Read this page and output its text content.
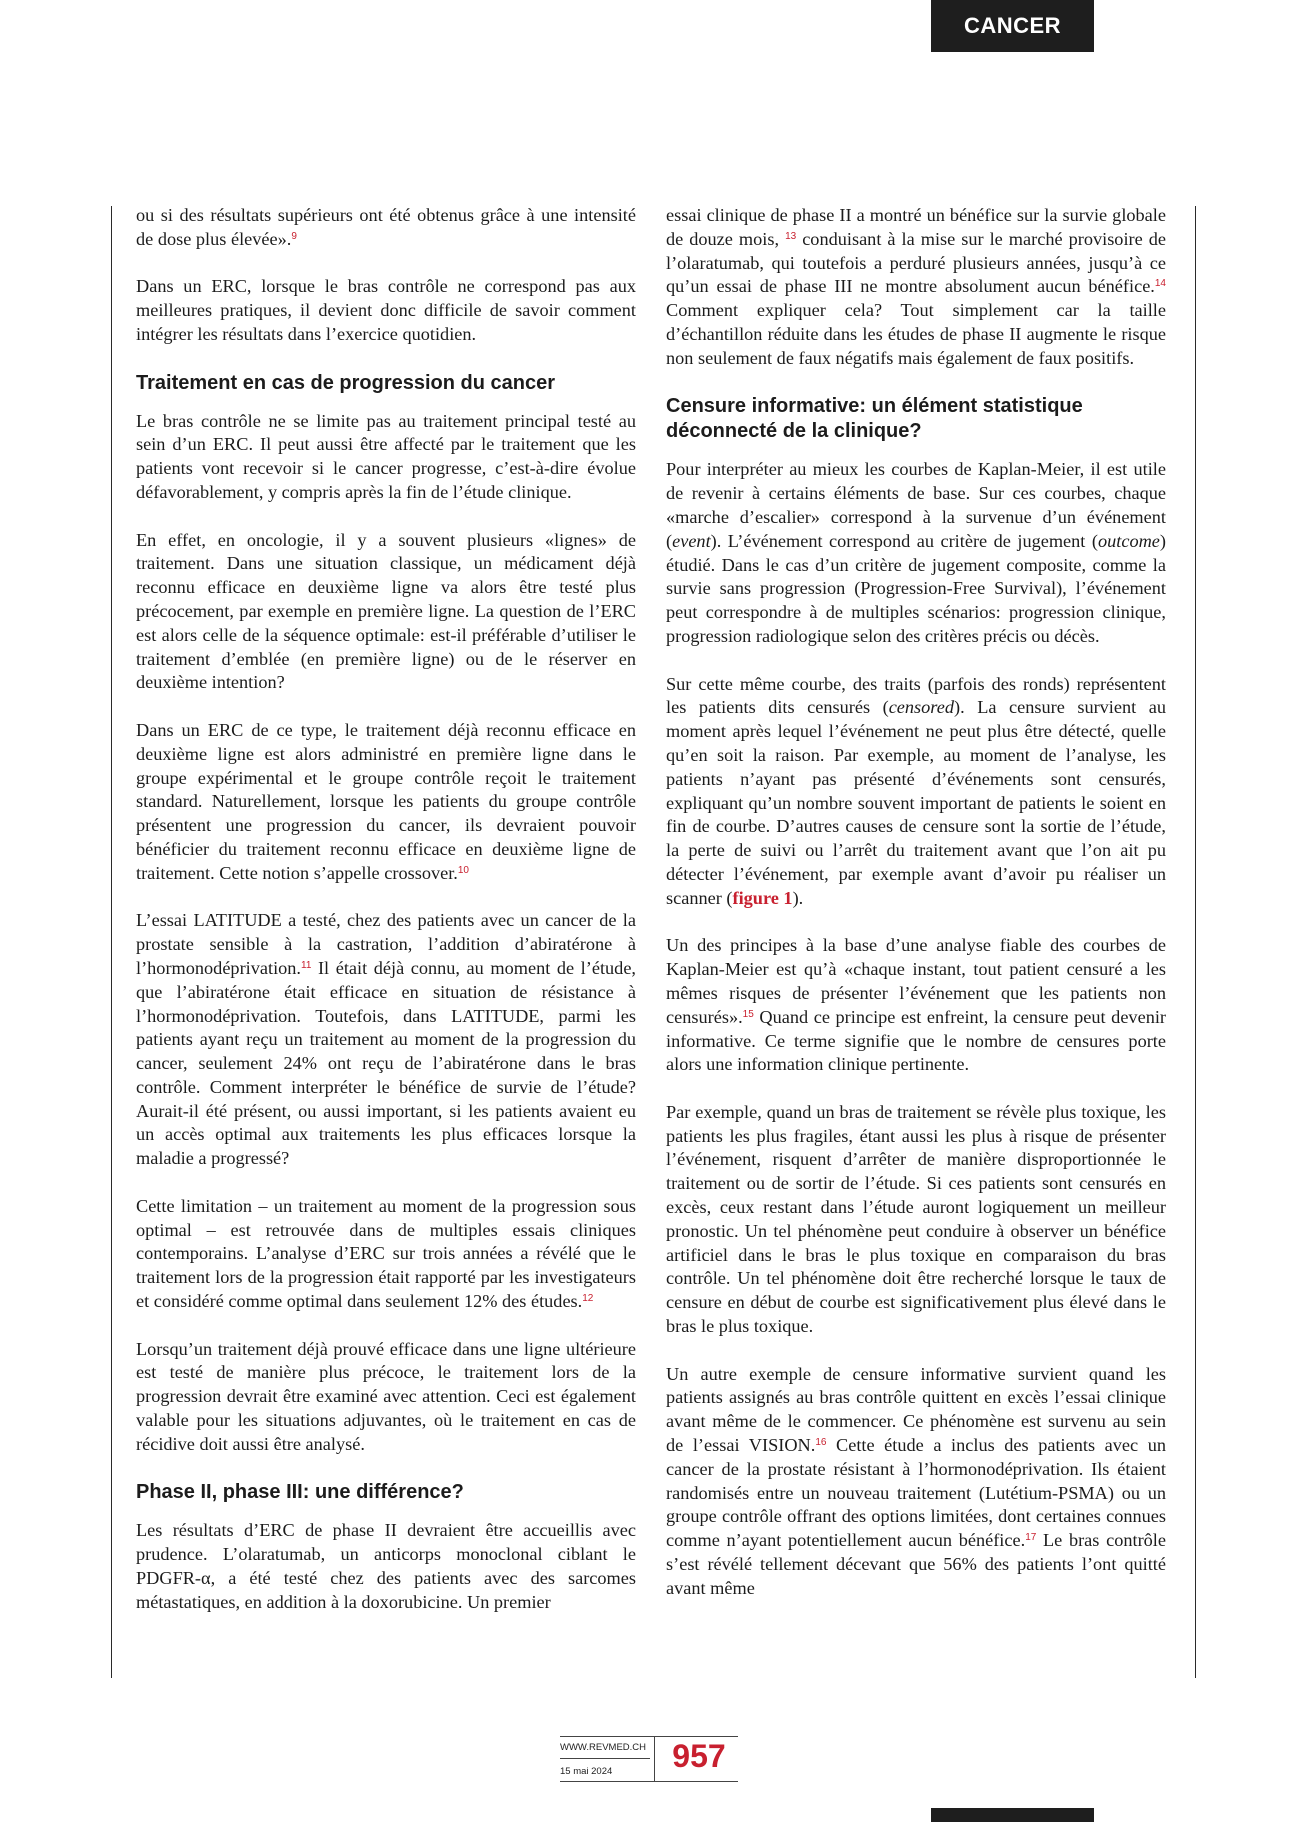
CANCER

ou si des résultats supérieurs ont été obtenus grâce à une intensité de dose plus élevée».$^9$

Dans un ERC, lorsque le bras contrôle ne correspond pas aux meilleures pratiques, il devient donc difficile de savoir comment intégrer les résultats dans l’exercice quotidien.

Traitement en cas de progression du cancer

Le bras contrôle ne se limite pas au traitement principal testé au sein d’un ERC. Il peut aussi être affecté par le traitement que les patients vont recevoir si le cancer progresse, c’est-à-dire évolue défavorablement, y compris après la fin de l’étude clinique.

En effet, en oncologie, il y a souvent plusieurs «lignes» de traitement. Dans une situation classique, un médicament déjà reconnu efficace en deuxième ligne va alors être testé plus précocement, par exemple en première ligne. La question de l’ERC est alors celle de la séquence optimale: est-il préférable d’utiliser le traitement d’emblée (en première ligne) ou de le réserver en deuxième intention?

Dans un ERC de ce type, le traitement déjà reconnu efficace en deuxième ligne est alors administré en première ligne dans le groupe expérimental et le groupe contrôle reçoit le traitement standard. Naturellement, lorsque les patients du groupe contrôle présentent une progression du cancer, ils devraient pouvoir bénéficier du traitement reconnu efficace en deuxième ligne de traitement. Cette notion s’appelle crossover.$^{10}$

L’essai LATITUDE a testé, chez des patients avec un cancer de la prostate sensible à la castration, l’addition d’abiratérone à l’hormonodéprivation.$^{11}$ Il était déjà connu, au moment de l’étude, que l’abiratérone était efficace en situation de résistance à l’hormonodéprivation. Toutefois, dans LATITUDE, parmi les patients ayant reçu un traitement au moment de la progression du cancer, seulement 24% ont reçu de l’abiratérone dans le bras contrôle. Comment interpréter le bénéfice de survie de l’étude? Aurait-il été présent, ou aussi important, si les patients avaient eu un accès optimal aux traitements les plus efficaces lorsque la maladie a progressé?

Cette limitation – un traitement au moment de la progression sous optimal – est retrouvée dans de multiples essais cliniques contemporains. L’analyse d’ERC sur trois années a révélé que le traitement lors de la progression était rapporté par les investigateurs et considéré comme optimal dans seulement 12% des études.$^{12}$

Lorsqu’un traitement déjà prouvé efficace dans une ligne ultérieure est testé de manière plus précoce, le traitement lors de la progression devrait être examiné avec attention. Ceci est également valable pour les situations adjuvantes, où le traitement en cas de récidive doit aussi être analysé.

Phase II, phase III: une différence?

Les résultats d’ERC de phase II devraient être accueillis avec prudence. L’olaratumab, un anticorps monoclonal ciblant le PDGFR-α, a été testé chez des patients avec des sarcomes métastatiques, en addition à la doxorubicine. Un premier

essai clinique de phase II a montré un bénéfice sur la survie globale de douze mois, $^{13}$ conduisant à la mise sur le marché provisoire de l’olaratumab, qui toutefois a perduré plusieurs années, jusqu’à ce qu’un essai de phase III ne montre absolument aucun bénéfice.$^{14}$ Comment expliquer cela? Tout simplement car la taille d’échantillon réduite dans les études de phase II augmente le risque non seulement de faux négatifs mais également de faux positifs.

Censure informative: un élément statistique déconnecté de la clinique?

Pour interpréter au mieux les courbes de Kaplan-Meier, il est utile de revenir à certains éléments de base. Sur ces courbes, chaque «marche d’escalier» correspond à la survenue d’un événement (event). L’événement correspond au critère de jugement (outcome) étudié. Dans le cas d’un critère de jugement composite, comme la survie sans progression (Progression-Free Survival), l’événement peut correspondre à de multiples scénarios: progression clinique, progression radiologique selon des critères précis ou décès.

Sur cette même courbe, des traits (parfois des ronds) représentent les patients dits censurés (censored). La censure survient au moment après lequel l’événement ne peut plus être détecté, quelle qu’en soit la raison. Par exemple, au moment de l’analyse, les patients n’ayant pas présenté d’événements sont censurés, expliquant qu’un nombre souvent important de patients le soient en fin de courbe. D’autres causes de censure sont la sortie de l’étude, la perte de suivi ou l’arrêt du traitement avant que l’on ait pu détecter l’événement, par exemple avant d’avoir pu réaliser un scanner (figure 1).

Un des principes à la base d’une analyse fiable des courbes de Kaplan-Meier est qu’à «chaque instant, tout patient censuré a les mêmes risques de présenter l’événement que les patients non censurés».$^{15}$ Quand ce principe est enfreint, la censure peut devenir informative. Ce terme signifie que le nombre de censures porte alors une information clinique pertinente.

Par exemple, quand un bras de traitement se révèle plus toxique, les patients les plus fragiles, étant aussi les plus à risque de présenter l’événement, risquent d’arrêter de manière disproportionnée le traitement ou de sortir de l’étude. Si ces patients sont censurés en excès, ceux restant dans l’étude auront logiquement un meilleur pronostic. Un tel phénomène peut conduire à observer un bénéfice artificiel dans le bras le plus toxique en comparaison du bras contrôle. Un tel phénomène doit être recherché lorsque le taux de censure en début de courbe est significativement plus élevé dans le bras le plus toxique.

Un autre exemple de censure informative survient quand les patients assignés au bras contrôle quittent en excès l’essai clinique avant même de le commencer. Ce phénomène est survenu au sein de l’essai VISION.$^{16}$ Cette étude a inclus des patients avec un cancer de la prostate résistant à l’hormonodéprivation. Ils étaient randomisés entre un nouveau traitement (Lutétium-PSMA) ou un groupe contrôle offrant des options limitées, dont certaines connues comme n’ayant potentiellement aucun bénéfice.$^{17}$ Le bras contrôle s’est révélé tellement décevant que 56% des patients l’ont quitté avant même

WWW.REVMED.CH
15 mai 2024	957
